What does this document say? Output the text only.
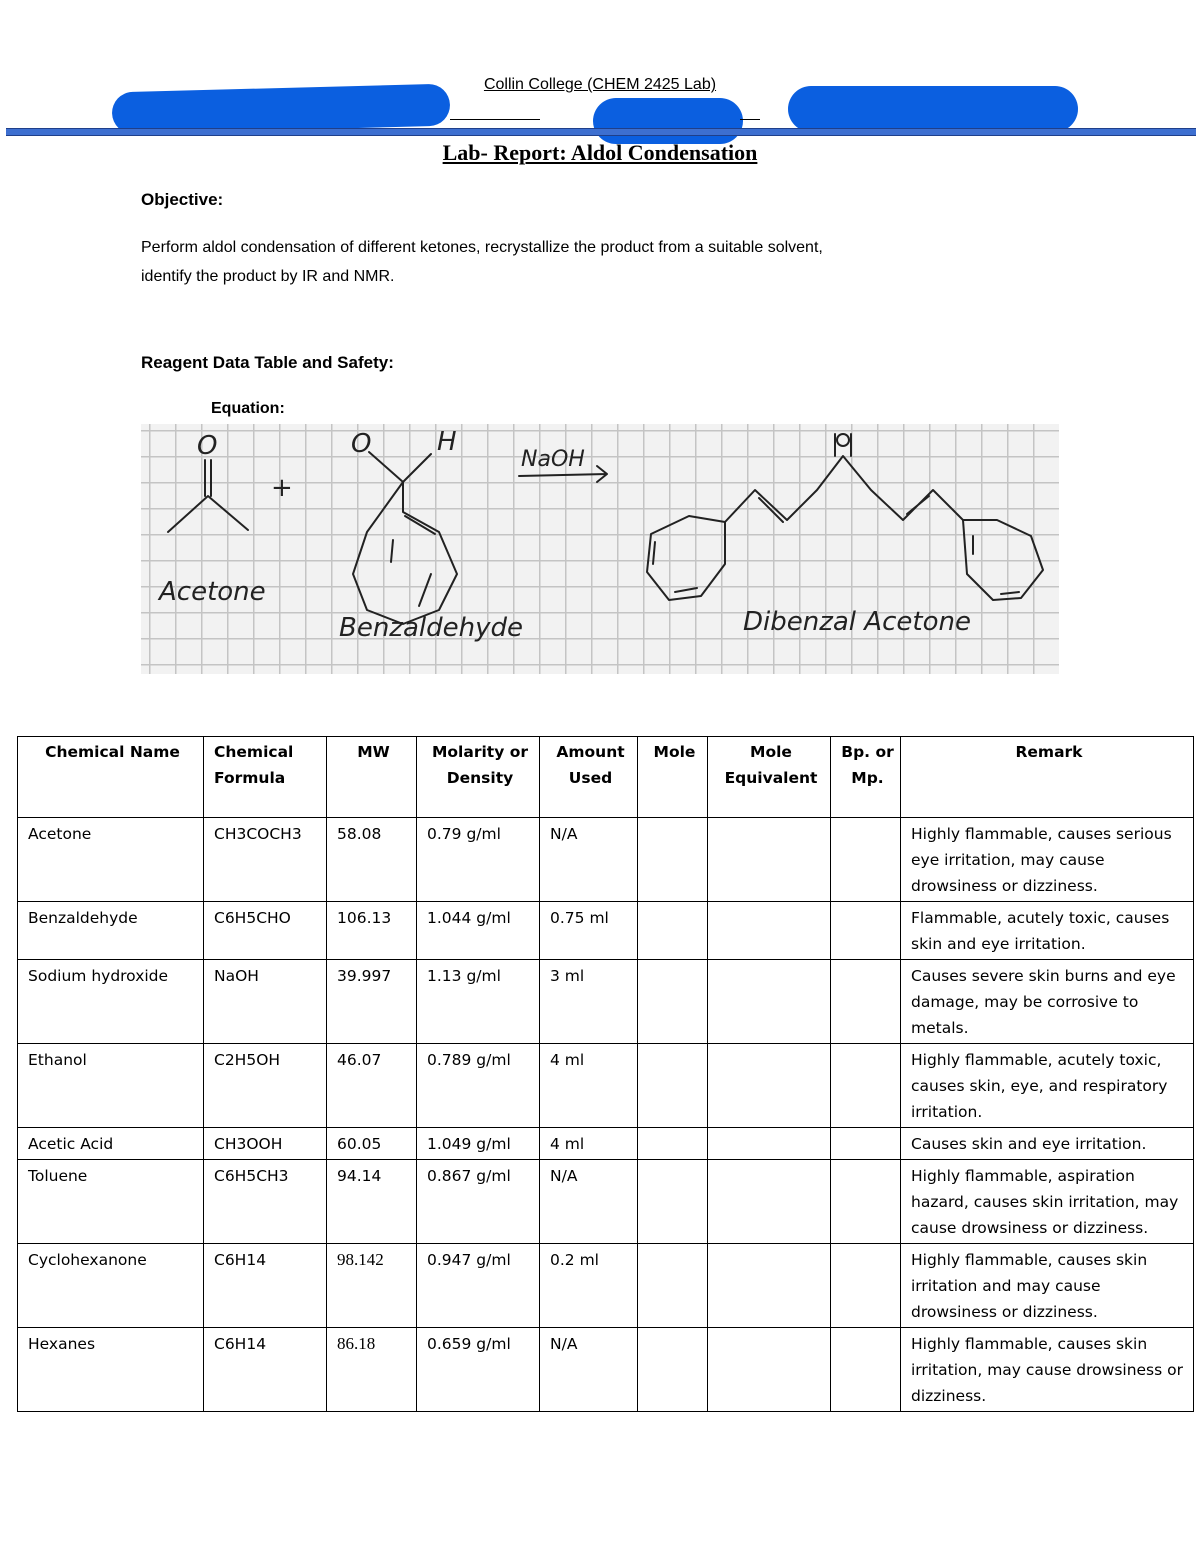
Collin College (CHEM 2425 Lab)
Lab- Report: Aldol Condensation
Objective:
Perform aldol condensation of different ketones, recrystallize the product from a suitable solvent,
identify the product by IR and NMR.
Reagent Data Table and Safety:
Equation:
O
+
O	H
NaOH
Acetone
Benzaldehyde	Dibenzal Acetone
Chemical Name	Chemical Formula	MW	Molarity or Density	Amount Used	Mole	Mole Equivalent	Bp. or Mp.	Remark
Acetone	CH3COCH3	58.08	0.79 g/ml	N/A				Highly flammable, causes serious eye irritation, may cause drowsiness or dizziness.
Benzaldehyde	C6H5CHO	106.13	1.044 g/ml	0.75 ml				Flammable, acutely toxic, causes skin and eye irritation.
Sodium hydroxide	NaOH	39.997	1.13 g/ml	3 ml				Causes severe skin burns and eye damage, may be corrosive to metals.
Ethanol	C2H5OH	46.07	0.789 g/ml	4 ml				Highly flammable, acutely toxic, causes skin, eye, and respiratory irritation.
Acetic Acid	CH3OOH	60.05	1.049 g/ml	4 ml				Causes skin and eye irritation.
Toluene	C6H5CH3	94.14	0.867 g/ml	N/A				Highly flammable, aspiration hazard, causes skin irritation, may cause drowsiness or dizziness.
Cyclohexanone	C6H14	98.142	0.947 g/ml	0.2 ml				Highly flammable, causes skin irritation and may cause drowsiness or dizziness.
Hexanes	C6H14	86.18	0.659 g/ml	N/A				Highly flammable, causes skin irritation, may cause drowsiness or dizziness.
